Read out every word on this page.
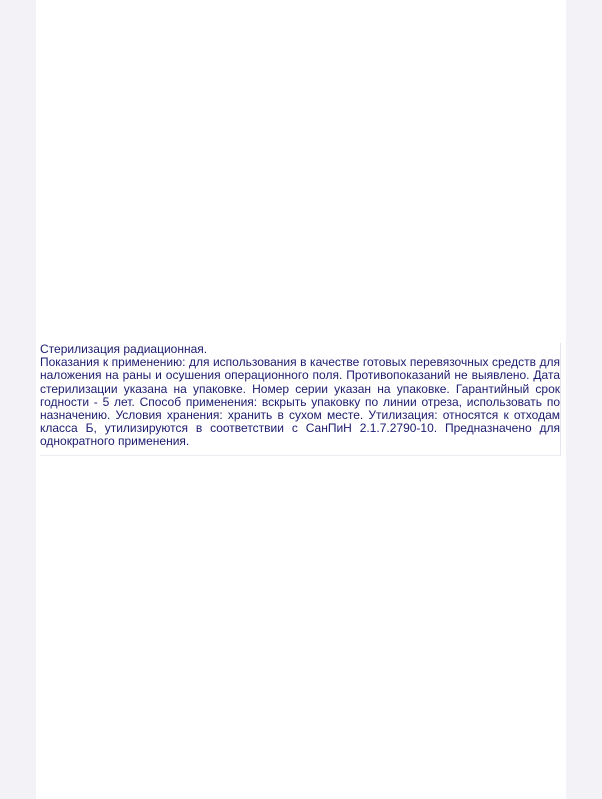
Стерилизация радиационная.
Показания к применению: для использования в качестве готовых перевязочных средств для
наложения на раны и осушения операционного поля. Противопоказаний не выявлено. Дата
стерилизации указана на упаковке. Номер серии указан на упаковке. Гарантийный срок
годности - 5 лет. Способ применения: вскрыть упаковку по линии отреза, использовать по
назначению. Условия хранения: хранить в сухом месте. Утилизация: относятся к отходам
класса Б, утилизируются в соответствии с СанПиН 2.1.7.2790-10. Предназначено для
однократного применения.
